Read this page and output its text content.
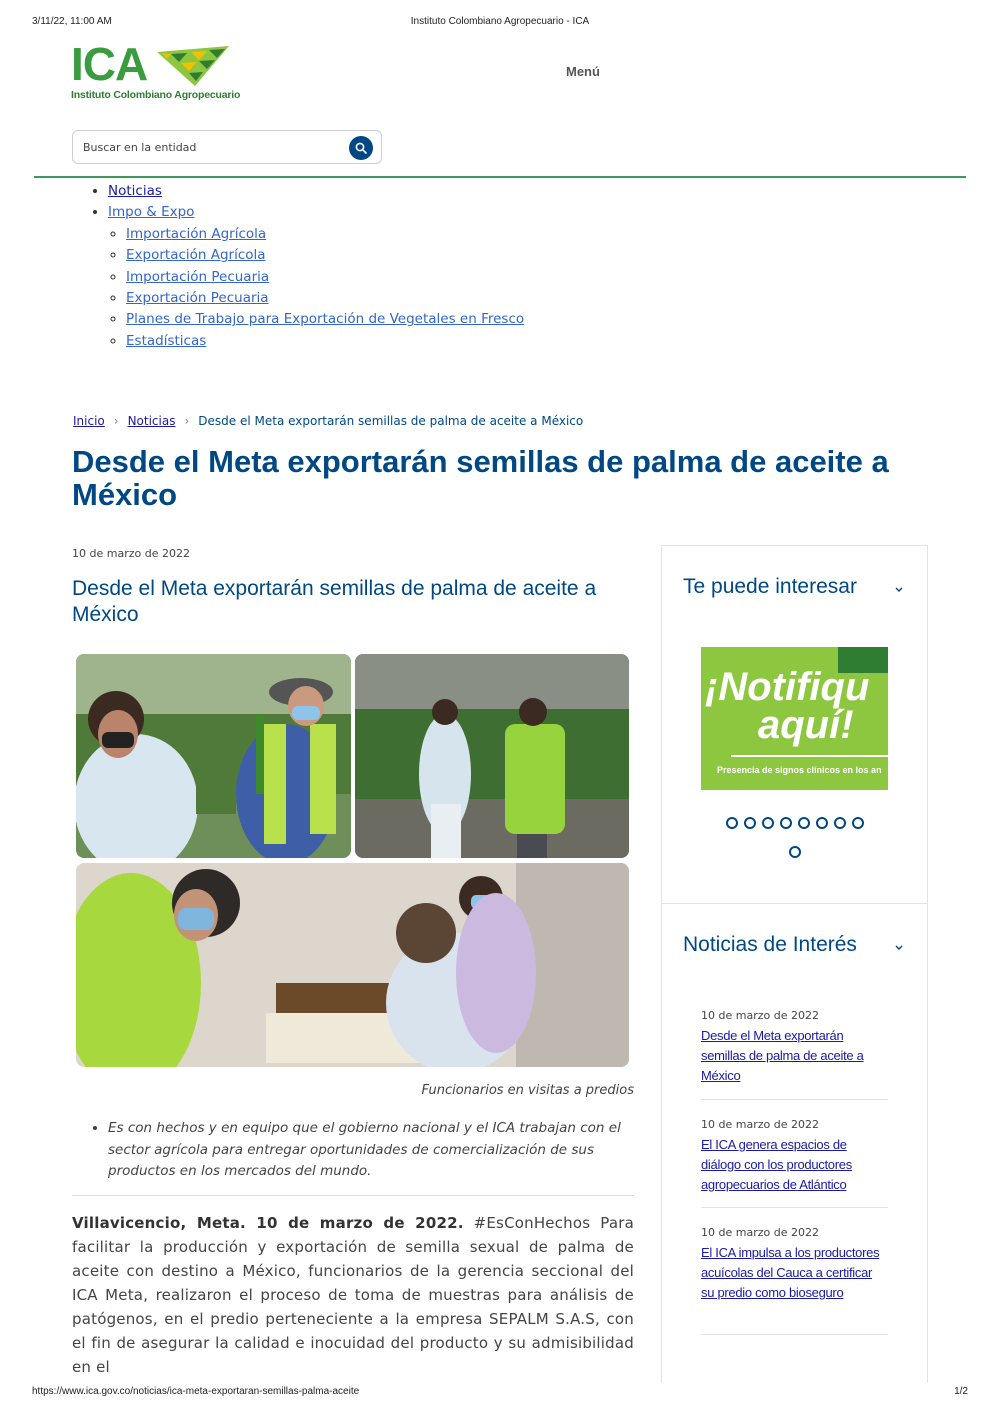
3/11/22, 11:00 AM	Instituto Colombiano Agropecuario - ICA
ICA
Instituto Colombiano Agropecuario
Menú
Buscar en la entidad
• Noticias
• Impo & Expo
◦ Importación Agrícola
◦ Exportación Agrícola
◦ Importación Pecuaria
◦ Exportación Pecuaria
◦ Planes de Trabajo para Exportación de Vegetales en Fresco
◦ Estadísticas
Inicio › Noticias › Desde el Meta exportarán semillas de palma de aceite a México
Desde el Meta exportarán semillas de palma de aceite a México
10 de marzo de 2022
Desde el Meta exportarán semillas de palma de aceite a México
Funcionarios en visitas a predios
• Es con hechos y en equipo que el gobierno nacional y el ICA trabajan con el sector agrícola para entregar oportunidades de comercialización de sus productos en los mercados del mundo.
Villavicencio, Meta. 10 de marzo de 2022. #EsConHechos Para facilitar la producción y exportación de semilla sexual de palma de aceite con destino a México, funcionarios de la gerencia seccional del ICA Meta, realizaron el proceso de toma de muestras para análisis de patógenos, en el predio perteneciente a la empresa SEPALM S.A.S, con el fin de asegurar la calidad e inocuidad del producto y su admisibilidad en el
Te puede interesar
¡Notifiqu
aquí!
Presencia de signos clínicos en los an

Noticias de Interés
10 de marzo de 2022
Desde el Meta exportarán semillas de palma de aceite a México
10 de marzo de 2022
El ICA genera espacios de diálogo con los productores agropecuarios de Atlántico
10 de marzo de 2022
El ICA impulsa a los productores acuícolas del Cauca a certificar su predio como bioseguro
https://www.ica.gov.co/noticias/ica-meta-exportaran-semillas-palma-aceite	1/2
